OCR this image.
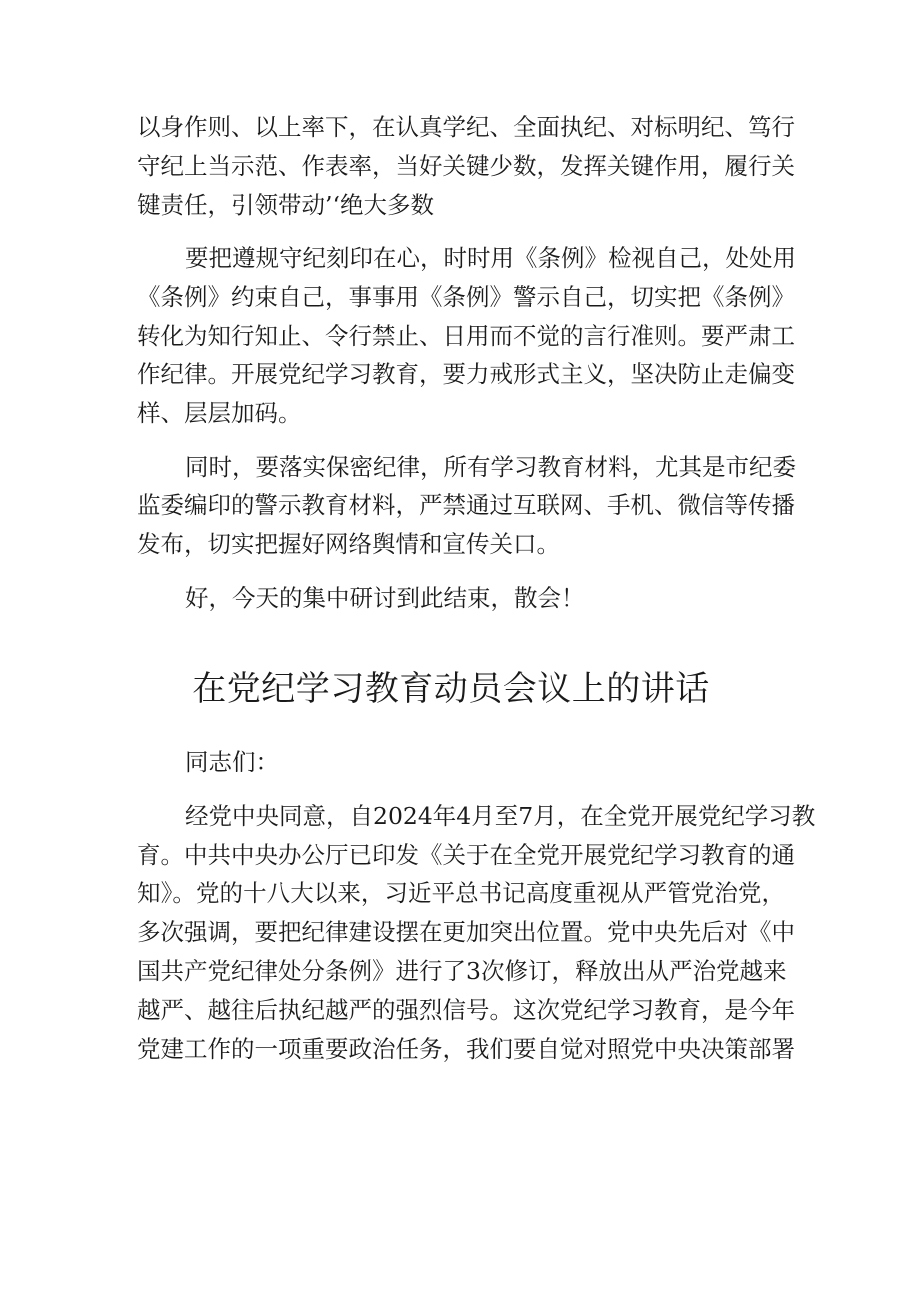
以身作则、以上率下，在认真学纪、全面执纪、对标明纪、笃行
守纪上当示范、作表率，当好关键少数，发挥关键作用，履行关
键责任，引领带动’‘绝大多数
要把遵规守纪刻印在心，时时用《条例》检视自己，处处用
《条例》约束自己，事事用《条例》警示自己，切实把《条例》
转化为知行知止、令行禁止、日用而不觉的言行准则。要严肃工
作纪律。开展党纪学习教育，要力戒形式主义，坚决防止走偏变
样、层层加码。
同时，要落实保密纪律，所有学习教育材料，尤其是市纪委
监委编印的警示教育材料，严禁通过互联网、手机、微信等传播
发布，切实把握好网络舆情和宣传关口。
好，今天的集中研讨到此结束，散会！
在党纪学习教育动员会议上的讲话
同志们：
经党中央同意，自2024年4月至7月，在全党开展党纪学习教
育。中共中央办公厅已印发《关于在全党开展党纪学习教育的通
知》。党的十八大以来，习近平总书记高度重视从严管党治党，
多次强调，要把纪律建设摆在更加突出位置。党中央先后对《中
国共产党纪律处分条例》进行了3次修订，释放出从严治党越来
越严、越往后执纪越严的强烈信号。这次党纪学习教育，是今年
党建工作的一项重要政治任务，我们要自觉对照党中央决策部署
